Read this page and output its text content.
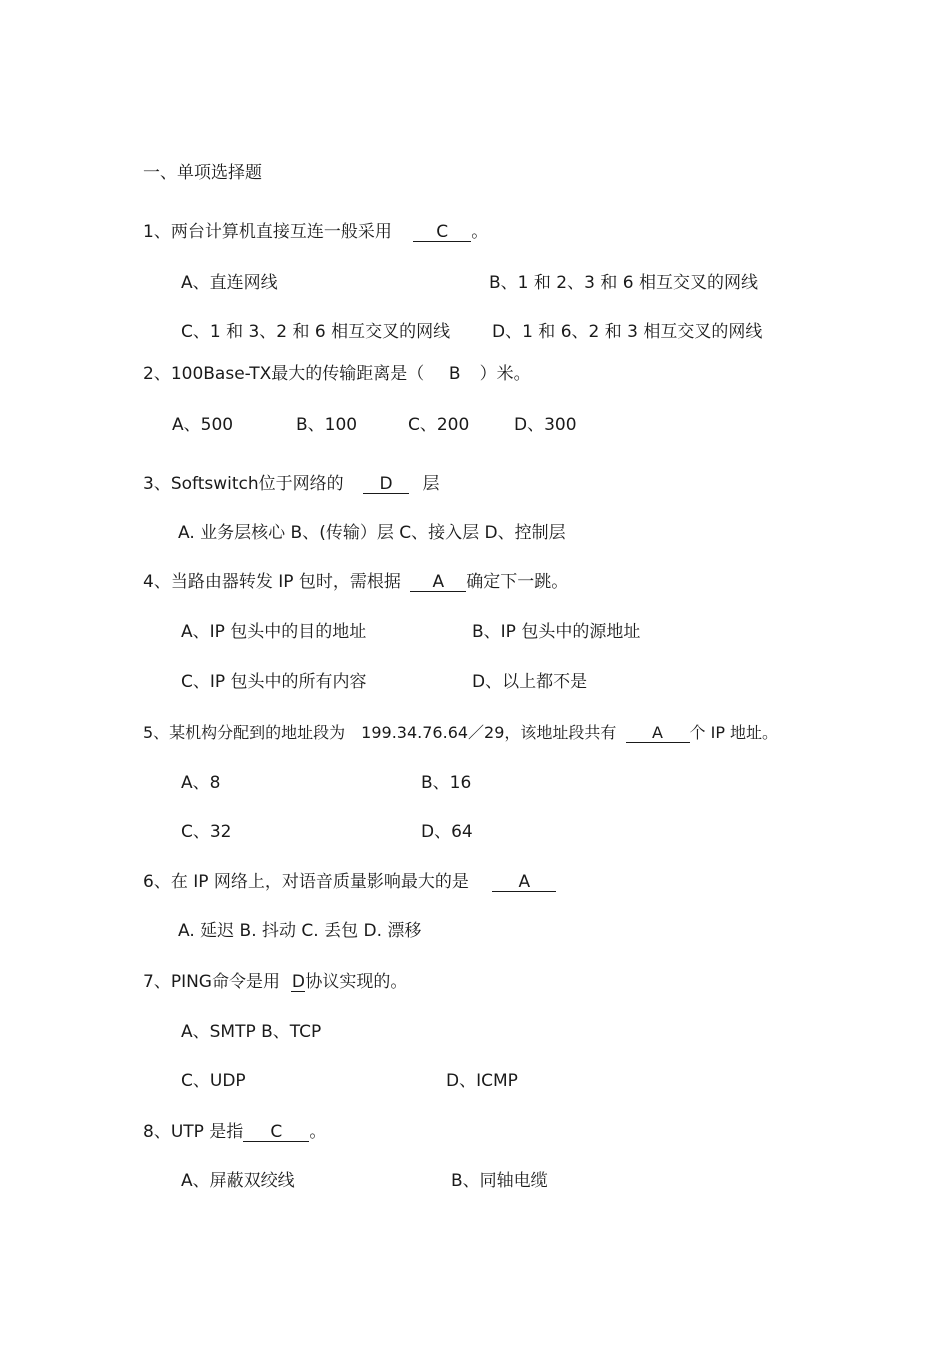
一、单项选择题
1、两台计算机直接互连一般采用	C 。
A、直连网线	B、1 和 2、3 和 6 相互交叉的网线
C、1 和 3、2 和 6 相互交叉的网线 D、1 和 6、2 和 3 相互交叉的网线
2、100Base-TX最大的传输距离是（ B ）米。
A、500	B、100	C、200	D、300
3、Softswitch位于网络的 D 层
A. 业务层核心 B、(传输）层 C、接入层 D、控制层
4、当路由器转发 IP 包时，需根据 A 确定下一跳。
A、IP 包头中的目的地址	B、IP 包头中的源地址
C、IP 包头中的所有内容	D、以上都不是
5、某机构分配到的地址段为　199.34.76.64／29，该地址段共有 A 个 IP 地址。
A、8	B、16
C、32	D、64
6、在 IP 网络上，对语音质量影响最大的是	A
A. 延迟 B. 抖动 C. 丢包 D. 漂移
7、PING命令是用 D协议实现的。
A、SMTP B、TCP
C、UDP	D、ICMP
8、UTP 是指 C 。
A、屏蔽双绞线	B、同轴电缆
